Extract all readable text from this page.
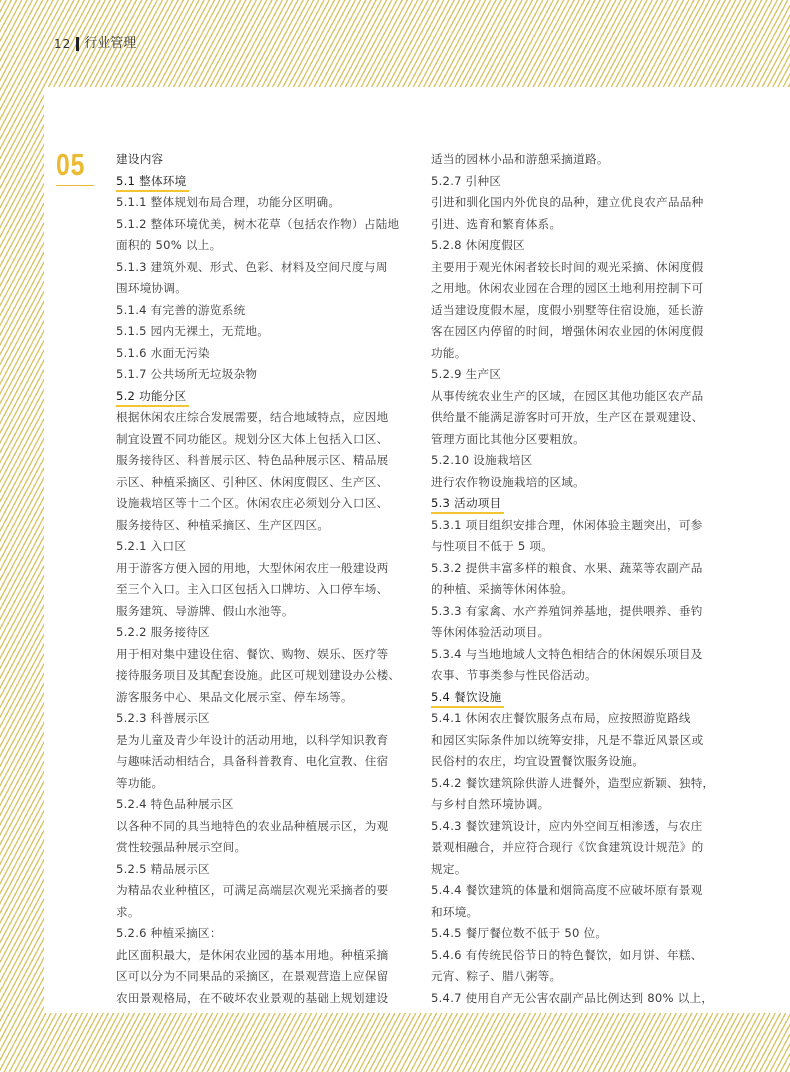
12 行业管理
05	建设内容
5.1 整体环境
5.1.1 整体规划布局合理，功能分区明确。
5.1.2 整体环境优美，树木花草（包括农作物）占陆地
面积的 50% 以上。
5.1.3 建筑外观、形式、色彩、材料及空间尺度与周
围环境协调。
5.1.4 有完善的游览系统
5.1.5 园内无裸土，无荒地。
5.1.6 水面无污染
5.1.7 公共场所无垃圾杂物
5.2 功能分区
根据休闲农庄综合发展需要，结合地域特点，应因地
制宜设置不同功能区。规划分区大体上包括入口区、
服务接待区、科普展示区、特色品种展示区、精品展
示区、种植采摘区、引种区、休闲度假区、生产区、
设施栽培区等十二个区。休闲农庄必须划分入口区、
服务接待区、种植采摘区、生产区四区。
5.2.1 入口区
用于游客方便入园的用地，大型休闲农庄一般建设两
至三个入口。主入口区包括入口牌坊、入口停车场、
服务建筑、导游牌、假山水池等。
5.2.2 服务接待区
用于相对集中建设住宿、餐饮、购物、娱乐、医疗等
接待服务项目及其配套设施。此区可规划建设办公楼、
游客服务中心、果品文化展示室、停车场等。
5.2.3 科普展示区
是为儿童及青少年设计的活动用地，以科学知识教育
与趣味活动相结合，具备科普教育、电化宣教、住宿
等功能。
5.2.4 特色品种展示区
以各种不同的具当地特色的农业品种植展示区，为观
赏性较强品种展示空间。
5.2.5 精品展示区
为精品农业种植区，可满足高端层次观光采摘者的要
求。
5.2.6 种植采摘区：
此区面积最大，是休闲农业园的基本用地。种植采摘
区可以分为不同果品的采摘区，在景观营造上应保留
农田景观格局，在不破坏农业景观的基础上规划建设
适当的园林小品和游憩采摘道路。
5.2.7 引种区
引进和驯化国内外优良的品种，建立优良农产品品种
引进、选育和繁育体系。
5.2.8 休闲度假区
主要用于观光休闲者较长时间的观光采摘、休闲度假
之用地。休闲农业园在合理的园区土地利用控制下可
适当建设度假木屋，度假小别墅等住宿设施，延长游
客在园区内停留的时间，增强休闲农业园的休闲度假
功能。
5.2.9 生产区
从事传统农业生产的区域，在园区其他功能区农产品
供给量不能满足游客时可开放，生产区在景观建设、
管理方面比其他分区要粗放。
5.2.10 设施栽培区
进行农作物设施栽培的区域。
5.3 活动项目
5.3.1 项目组织安排合理，休闲体验主题突出，可参
与性项目不低于 5 项。
5.3.2 提供丰富多样的粮食、水果、蔬菜等农副产品
的种植、采摘等休闲体验。
5.3.3 有家禽、水产养殖饲养基地，提供喂养、垂钓
等休闲体验活动项目。
5.3.4 与当地地域人文特色相结合的休闲娱乐项目及
农事、节事类参与性民俗活动。
5.4 餐饮设施
5.4.1 休闲农庄餐饮服务点布局，应按照游览路线
和园区实际条件加以统筹安排，凡是不靠近风景区或
民俗村的农庄，均宜设置餐饮服务设施。
5.4.2 餐饮建筑除供游人进餐外，造型应新颖、独特，
与乡村自然环境协调。
5.4.3 餐饮建筑设计，应内外空间互相渗透，与农庄
景观相融合，并应符合现行《饮食建筑设计规范》的
规定。
5.4.4 餐饮建筑的体量和烟筒高度不应破坏原有景观
和环境。
5.4.5 餐厅餐位数不低于 50 位。
5.4.6 有传统民俗节日的特色餐饮，如月饼、年糕、
元宵、粽子、腊八粥等。
5.4.7 使用自产无公害农副产品比例达到 80% 以上，
